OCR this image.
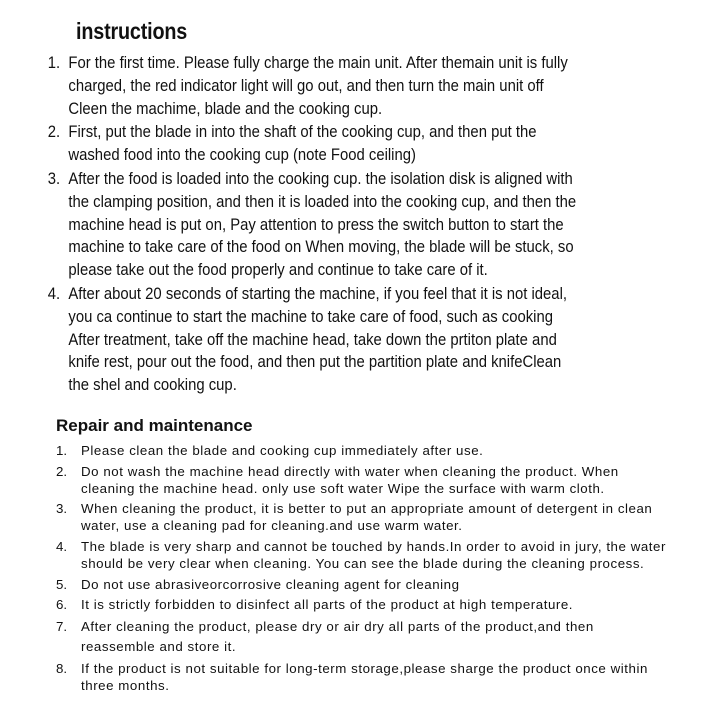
instructions
1. For the first time. Please fully charge the main unit. After themain unit is fully charged, the red indicator light will go out, and then turn the main unit off Cleen the machime, blade and the cooking cup.
2. First, put the blade in into the shaft of the cooking cup, and then put the washed food into the cooking cup (note Food ceiling)
3. After the food is loaded into the cooking cup. the isolation disk is aligned with the clamping position, and then it is loaded into the cooking cup, and then the machine head is put on, Pay attention to press the switch button to start the machine to take care of the food on When moving, the blade will be stuck, so please take out the food properly and continue to take care of it.
4. After about 20 seconds of starting the machine, if you feel that it is not ideal, you ca continue to start the machine to take care of food, such as cooking After treatment, take off the machine head, take down the prtiton plate and knife rest, pour out the food, and then put the partition plate and knifeClean the shel and cooking cup.
Repair and maintenance
1. Please clean the blade and cooking cup immediately after use.
2. Do not wash the machine head directly with water when cleaning the product. When cleaning the machine head. only use soft water Wipe the surface with warm cloth.
3. When cleaning the product, it is better to put an appropriate amount of detergent in clean water, use a cleaning pad for cleaning.and use warm water.
4. The blade is very sharp and cannot be touched by hands.In order to avoid in jury, the water should be very clear when cleaning. You can see the blade during the cleaning process.
5. Do not use abrasiveorcorrosive cleaning agent for cleaning
6. It is strictly forbidden to disinfect all parts of the product at high temperature.
7. After cleaning the product, please dry or air dry all parts of the product,and then reassemble and store it.
8. If the product is not suitable for long-term storage,please sharge the product once within three months.
